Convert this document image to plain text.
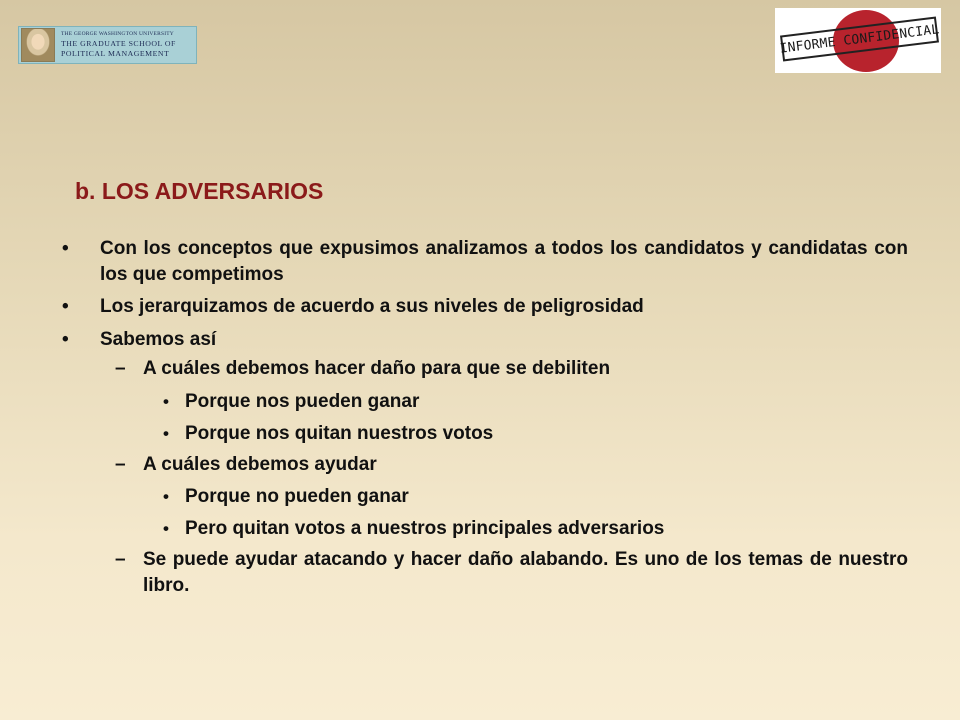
THE GEORGE WASHINGTON UNIVERSITY
THE GRADUATE SCHOOL OF
POLITICAL MANAGEMENT	INFORME CONFIDENCIAL
b. LOS ADVERSARIOS
• Con los conceptos que expusimos analizamos a todos los candidatos y candidatas con los que competimos
• Los jerarquizamos de acuerdo a sus niveles de peligrosidad
• Sabemos así
– A cuáles debemos hacer daño para que se debiliten
• Porque nos pueden ganar
• Porque nos quitan nuestros votos
– A cuáles debemos ayudar
• Porque no pueden ganar
• Pero quitan votos a nuestros principales adversarios
– Se puede ayudar atacando y hacer daño alabando. Es uno de los temas de nuestro libro.
